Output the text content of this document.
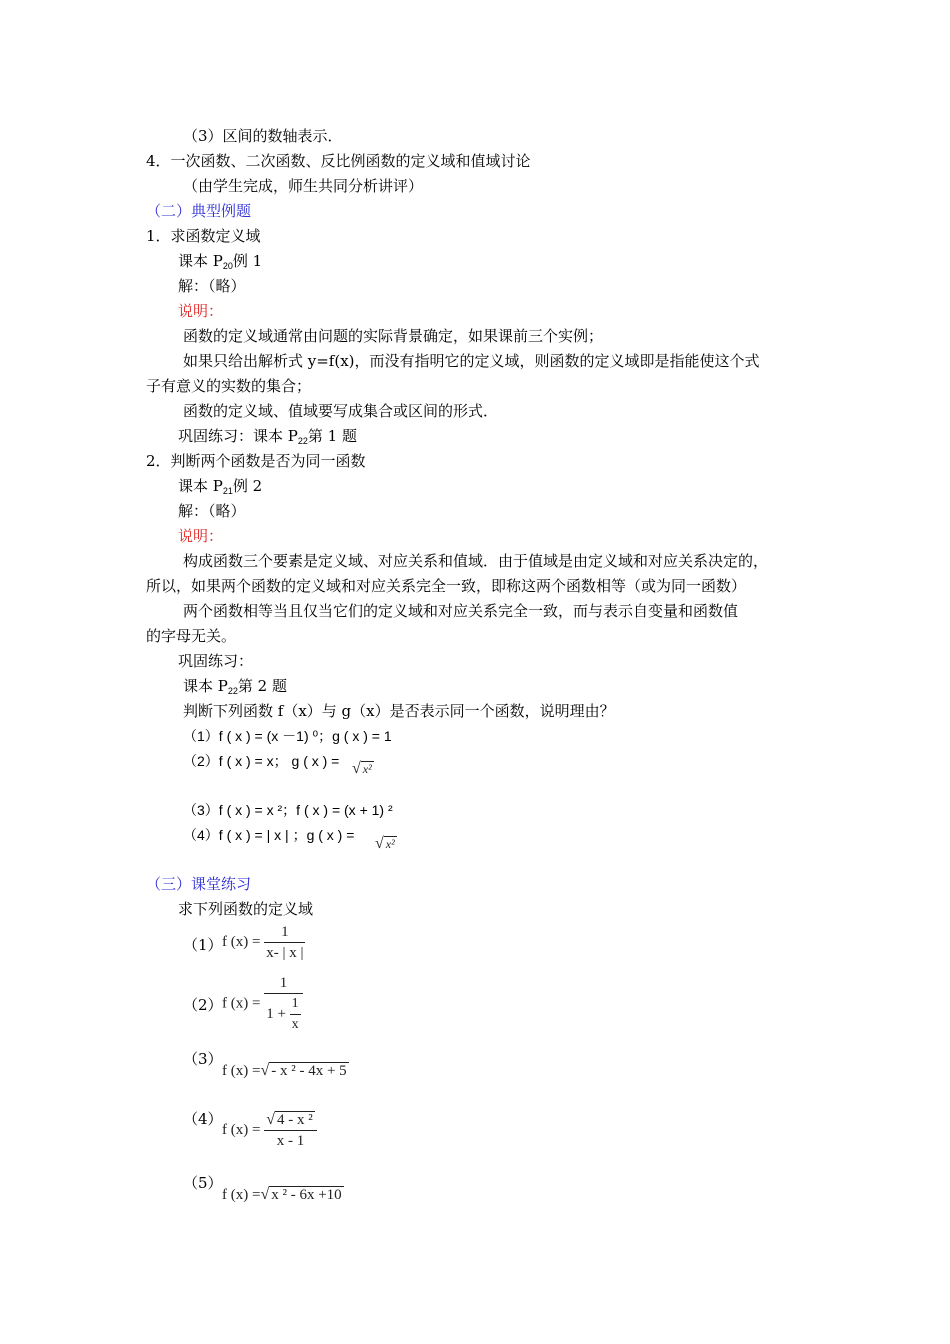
（3）区间的数轴表示．
4．一次函数、二次函数、反比例函数的定义域和值域讨论
（由学生完成，师生共同分析讲评）
（二）典型例题
1．求函数定义域
课本 $P_{20}$例 1
解：（略）
说明：
函数的定义域通常由问题的实际背景确定，如果课前三个实例；
如果只给出解析式 y=f(x)，而没有指明它的定义域，则函数的定义域即是指能使这个式
子有意义的实数的集合；
函数的定义域、值域要写成集合或区间的形式．
巩固练习：课本 $P_{22}$第 1 题
2．判断两个函数是否为同一函数
课本 $P_{21}$例 2
解：（略）
说明：
构成函数三个要素是定义域、对应关系和值域．由于值域是由定义域和对应关系决定的，
所以，如果两个函数的定义域和对应关系完全一致，即称这两个函数相等（或为同一函数）
两个函数相等当且仅当它们的定义域和对应关系完全一致，而与表示自变量和函数值
的字母无关。
巩固练习：
课本 $P_{22}$第 2 题
判断下列函数 f（x）与 g（x）是否表示同一个函数，说明理由？
（1）f ( x ) = (x －1) ⁰；g ( x ) = 1
（2）f ( x ) = x； g ( x ) = √ x²
（3）f ( x ) = x ²；f ( x ) = (x + 1) ²
（4）f ( x ) = | x | ；g ( x ) = √ x²
（三）课堂练习
求下列函数的定义域
（1） f $(x) = \frac{1}{x- | x |}$
（2） f $(x) = \frac{1}{1 + \frac{1}{x}}$
（3）
f (x) =√ - x ² - 4x + 5
（4）
f $(x) = \frac{\text{√ 4 - x ²}}{x - 1}$
（5）
f (x) =√ x ² - 6x +10
